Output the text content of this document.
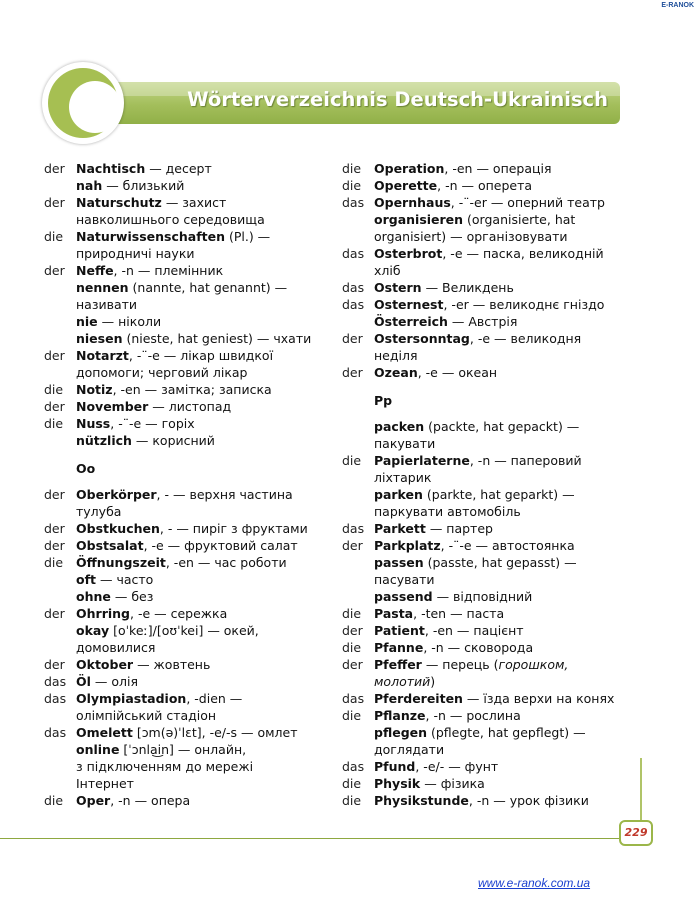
E-RANOK
Wörterverzeichnis Deutsch-Ukrainisch
der Nachtisch — десерт
nah — близький
der Naturschutz — захист
навколишнього середовища
die	Naturwissenschaften (Pl.) —
природничі науки
der Neffe, -n — племінник
nennen (nannte, hat genannt) —
називати
nie — ніколи
niesen (nieste, hat geniest) — чхати
der Notarzt, -¨-e — лікар швидкої
допомоги; черговий лікар
die	Notiz, -en — замітка; записка
der November — листопад
die	Nuss, -¨-e — горіх
nützlich — корисний
Oo
der Oberkörper, - — верхня частина
тулуба
der Obstkuchen, - — пиріг з фруктами
der Obstsalat, -e — фруктовий салат
die	Öffnungszeit, -en — час роботи
oft — часто
ohne — без
der Ohrring, -e — сережка
okay [oˈkeː]/[oʊˈkei] — окей,
домовилися
der Oktober — жовтень
das Öl — олія
das Olympiastadion, -dien —
олімпійський стадіон
das Omelett [ɔm(ə)ˈlɛt], -e/-s — омлет
online [ˈɔnla͜in] — онлайн,
з підключенням до мережі
Інтернет
die	Oper, -n — опера
die	Operation, -en — операція
die	Operette, -n — оперета
das Opernhaus, -¨-er — оперний театр
organisieren (organisierte, hat
organisiert) — організовувати
das Osterbrot, -e — паска, великодній
хліб
das Ostern — Великдень
das Osternest, -er — великоднє гніздо
Österreich — Австрія
der Ostersonntag, -e — великодня
неділя
der Ozean, -e — океан
Pp
packen (packte, hat gepackt) —
пакувати
die	Papierlaterne, -n — паперовий
ліхтарик
parken (parkte, hat geparkt) —
паркувати автомобіль
das Parkett — партер
der Parkplatz, -¨-e — автостоянка
passen (passte, hat gepasst) —
пасувати
passend — відповідний
die	Pasta, -ten — паста
der Patient, -en — пацієнт
die	Pfanne, -n — сковорода
der Pfeffer — перець (горошком,
молотий)
das Pferdereiten — їзда верхи на конях
die	Pflanze, -n — рослина
pflegen (pflegte, hat gepflegt) —
доглядати
das Pfund, -e/- — фунт
die	Physik — фізика
die	Physikstunde, -n — урок фізики
229
www.e-ranok.com.ua
